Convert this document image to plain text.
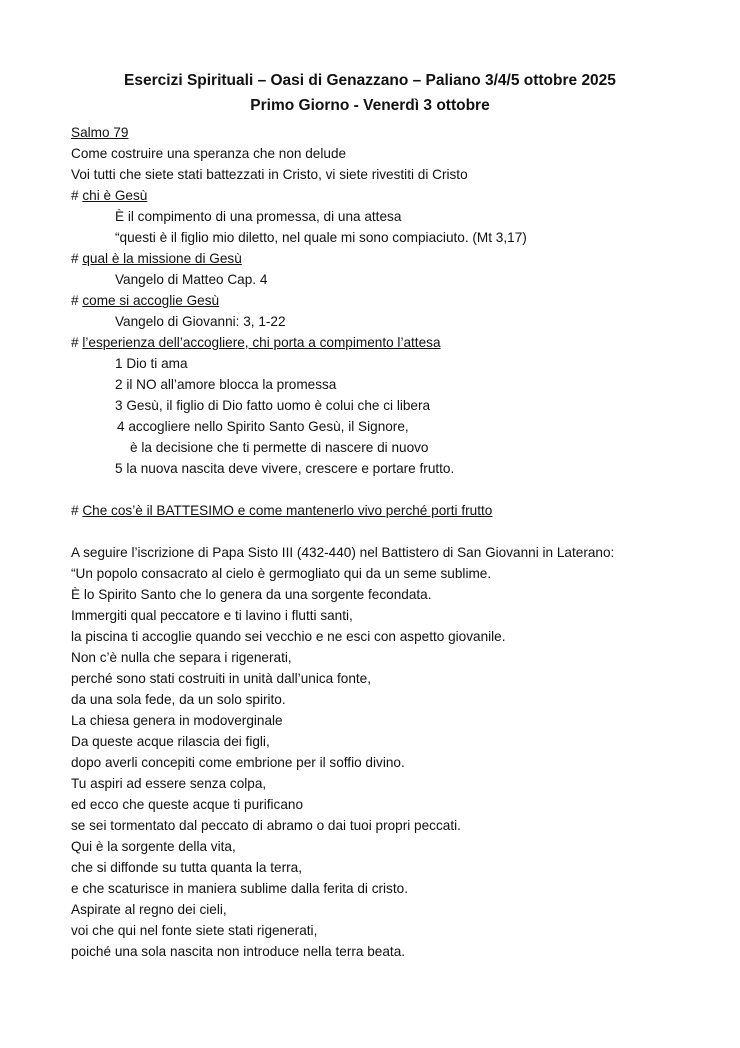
Esercizi Spirituali – Oasi di Genazzano – Paliano 3/4/5 ottobre 2025
Primo Giorno - Venerdì 3 ottobre
Salmo 79
Come costruire una speranza che non delude
Voi tutti che siete stati battezzati in Cristo, vi siete rivestiti di Cristo
# chi è Gesù
È il compimento di una promessa, di una attesa
“questi è il figlio mio diletto, nel quale mi sono compiaciuto. (Mt 3,17)
# qual è la missione di Gesù
Vangelo di Matteo Cap. 4
# come si accoglie Gesù
Vangelo di Giovanni: 3, 1-22
# l’esperienza dell’accogliere, chi porta a compimento l’attesa
1 Dio ti ama
2 il NO all’amore blocca la promessa
3 Gesù, il figlio di Dio fatto uomo è colui che ci libera
4 accogliere nello Spirito Santo Gesù, il Signore,
è la decisione che ti permette di nascere di nuovo
5 la nuova nascita deve vivere, crescere e portare frutto.
# Che cos’è il BATTESIMO e come mantenerlo vivo perché porti frutto
A seguire l’iscrizione di Papa Sisto III (432-440) nel Battistero di San Giovanni in Laterano:
“Un popolo consacrato al cielo è germogliato qui da un seme sublime.
È lo Spirito Santo che lo genera da una sorgente fecondata.
Immergiti qual peccatore e ti lavino i flutti santi,
la piscina ti accoglie quando sei vecchio e ne esci con aspetto giovanile.
Non c’è nulla che separa i rigenerati,
perché sono stati costruiti in unità dall’unica fonte,
da una sola fede, da un solo spirito.
La chiesa genera in modoverginale
Da queste acque rilascia dei figli,
dopo averli concepiti come embrione per il soffio divino.
Tu aspiri ad essere senza colpa,
ed ecco che queste acque ti purificano
se sei tormentato dal peccato di abramo o dai tuoi propri peccati.
Qui è la sorgente della vita,
che si diffonde su tutta quanta la terra,
e che scaturisce in maniera sublime dalla ferita di cristo.
Aspirate al regno dei cieli,
voi che qui nel fonte siete stati rigenerati,
poiché una sola nascita non introduce nella terra beata.
